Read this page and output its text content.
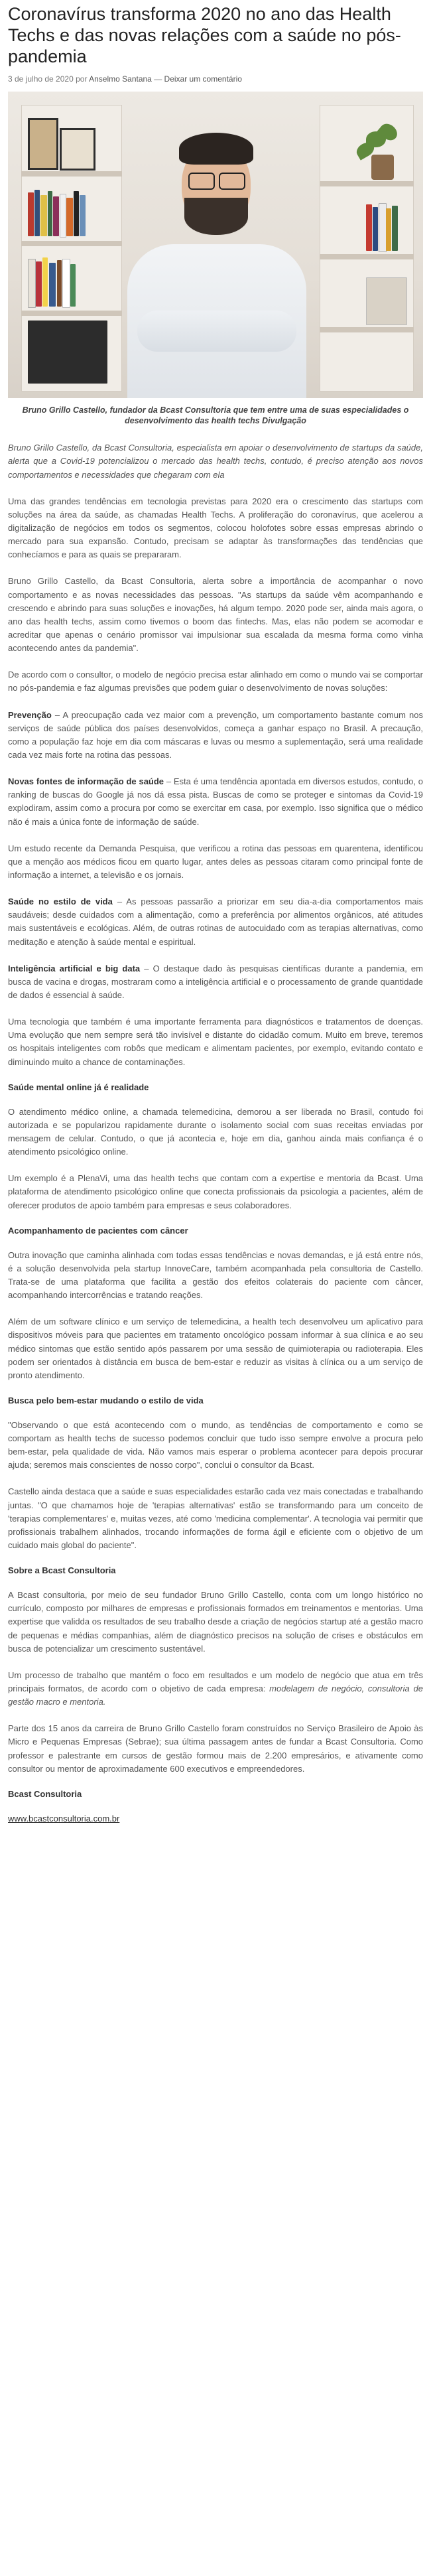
Coronavírus transforma 2020 no ano das Health Techs e das novas relações com a saúde no pós-pandemia
3 de julho de 2020 por Anselmo Santana — Deixar um comentário
Bruno Grillo Castello, fundador da Bcast Consultoria que tem entre uma de suas especialidades o desenvolvimento das health techs Divulgação

Bruno Grillo Castello, da Bcast Consultoria, especialista em apoiar o desenvolvimento de startups da saúde, alerta que a Covid-19 potencializou o mercado das health techs, contudo, é preciso atenção aos novos comportamentos e necessidades que chegaram com ela

Uma das grandes tendências em tecnologia previstas para 2020 era o crescimento das startups com soluções na área da saúde, as chamadas Health Techs. A proliferação do coronavírus, que acelerou a digitalização de negócios em todos os segmentos, colocou holofotes sobre essas empresas abrindo o mercado para sua expansão. Contudo, precisam se adaptar às transformações das tendências que conhecíamos e para as quais se prepararam.

Bruno Grillo Castello, da Bcast Consultoria, alerta sobre a importância de acompanhar o novo comportamento e as novas necessidades das pessoas. "As startups da saúde vêm acompanhando e crescendo e abrindo para suas soluções e inovações, há algum tempo. 2020 pode ser, ainda mais agora, o ano das health techs, assim como tivemos o boom das fintechs. Mas, elas não podem se acomodar e acreditar que apenas o cenário promissor vai impulsionar sua escalada da mesma forma como vinha acontecendo antes da pandemia".

De acordo com o consultor, o modelo de negócio precisa estar alinhado em como o mundo vai se comportar no pós-pandemia e faz algumas previsões que podem guiar o desenvolvimento de novas soluções:

Prevenção – A preocupação cada vez maior com a prevenção, um comportamento bastante comum nos serviços de saúde pública dos países desenvolvidos, começa a ganhar espaço no Brasil. A precaução, como a população faz hoje em dia com máscaras e luvas ou mesmo a suplementação, será uma realidade cada vez mais forte na rotina das pessoas.

Novas fontes de informação de saúde – Esta é uma tendência apontada em diversos estudos, contudo, o ranking de buscas do Google já nos dá essa pista. Buscas de como se proteger e sintomas da Covid-19 explodiram, assim como a procura por como se exercitar em casa, por exemplo. Isso significa que o médico não é mais a única fonte de informação de saúde.

Um estudo recente da Demanda Pesquisa, que verificou a rotina das pessoas em quarentena, identificou que a menção aos médicos ficou em quarto lugar, antes deles as pessoas citaram como principal fonte de informação a internet, a televisão e os jornais.

Saúde no estilo de vida – As pessoas passarão a priorizar em seu dia-a-dia comportamentos mais saudáveis; desde cuidados com a alimentação, como a preferência por alimentos orgânicos, até atitudes mais sustentáveis e ecológicas. Além, de outras rotinas de autocuidado com as terapias alternativas, como meditação e atenção à saúde mental e espiritual.

Inteligência artificial e big data – O destaque dado às pesquisas científicas durante a pandemia, em busca de vacina e drogas, mostraram como a inteligência artificial e o processamento de grande quantidade de dados é essencial à saúde.

Uma tecnologia que também é uma importante ferramenta para diagnósticos e tratamentos de doenças. Uma evolução que nem sempre será tão invisível e distante do cidadão comum. Muito em breve, teremos os hospitais inteligentes com robôs que medicam e alimentam pacientes, por exemplo, evitando contato e diminuindo muito a chance de contaminações.

Saúde mental online já é realidade

O atendimento médico online, a chamada telemedicina, demorou a ser liberada no Brasil, contudo foi autorizada e se popularizou rapidamente durante o isolamento social com suas receitas enviadas por mensagem de celular. Contudo, o que já acontecia e, hoje em dia, ganhou ainda mais confiança é o atendimento psicológico online.

Um exemplo é a PlenaVi, uma das health techs que contam com a expertise e mentoria da Bcast. Uma plataforma de atendimento psicológico online que conecta profissionais da psicologia a pacientes, além de oferecer produtos de apoio também para empresas e seus colaboradores.

Acompanhamento de pacientes com câncer

Outra inovação que caminha alinhada com todas essas tendências e novas demandas, e já está entre nós, é a solução desenvolvida pela startup InnoveCare, também acompanhada pela consultoria de Castello. Trata-se de uma plataforma que facilita a gestão dos efeitos colaterais do paciente com câncer, acompanhando intercorrências e tratando reações.

Além de um software clínico e um serviço de telemedicina, a health tech desenvolveu um aplicativo para dispositivos móveis para que pacientes em tratamento oncológico possam informar à sua clínica e ao seu médico sintomas que estão sentido após passarem por uma sessão de quimioterapia ou radioterapia. Eles podem ser orientados à distância em busca de bem-estar e reduzir as visitas à clínica ou a um serviço de pronto atendimento.

Busca pelo bem-estar mudando o estilo de vida

"Observando o que está acontecendo com o mundo, as tendências de comportamento e como se comportam as health techs de sucesso podemos concluir que tudo isso sempre envolve a procura pelo bem-estar, pela qualidade de vida. Não vamos mais esperar o problema acontecer para depois procurar ajuda; seremos mais conscientes de nosso corpo", conclui o consultor da Bcast.

Castello ainda destaca que a saúde e suas especialidades estarão cada vez mais conectadas e trabalhando juntas. "O que chamamos hoje de 'terapias alternativas' estão se transformando para um conceito de 'terapias complementares' e, muitas vezes, até como 'medicina complementar'. A tecnologia vai permitir que profissionais trabalhem alinhados, trocando informações de forma ágil e eficiente com o objetivo de um cuidado mais global do paciente".

Sobre a Bcast Consultoria

A Bcast consultoria, por meio de seu fundador Bruno Grillo Castello, conta com um longo histórico no currículo, composto por milhares de empresas e profissionais formados em treinamentos e mentorias. Uma expertise que validda os resultados de seu trabalho desde a criação de negócios startup até a gestão macro de pequenas e médias companhias, além de diagnóstico precisos na solução de crises e obstáculos em busca de potencializar um crescimento sustentável.

Um processo de trabalho que mantém o foco em resultados e um modelo de negócio que atua em três principais formatos, de acordo com o objetivo de cada empresa: modelagem de negócio, consultoria de gestão macro e mentoria.

Parte dos 15 anos da carreira de Bruno Grillo Castello foram construídos no Serviço Brasileiro de Apoio às Micro e Pequenas Empresas (Sebrae); sua última passagem antes de fundar a Bcast Consultoria. Como professor e palestrante em cursos de gestão formou mais de 2.200 empresários, e ativamente como consultor ou mentor de aproximadamente 600 executivos e empreendedores.

Bcast Consultoria

www.bcastconsultoria.com.br
